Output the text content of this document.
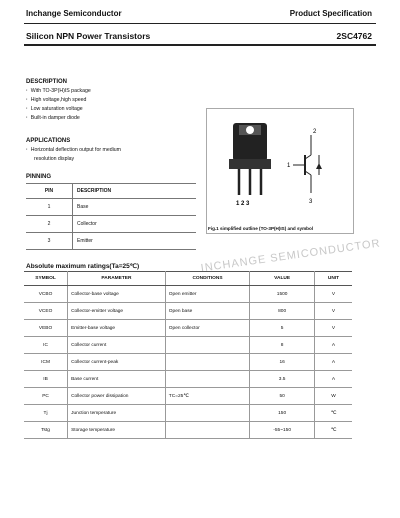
Inchange Semiconductor	Product Specification
Silicon NPN Power Transistors	2SC4762
DESCRIPTION
· With TO-3P(H)IS package
· High voltage,high speed
· Low saturation voltage
· Built-in damper diode
APPLICATIONS
· Horizontal deflection output for medium
resolution display
PINNING
PIN	DESCRIPTION
1	Base
2	Collector
3	Emitter
1 2 3
1
2
3
Fig.1 simplified outline (TO-3P(H)IS) and symbol
INCHANGE SEMICONDUCTOR
Absolute maximum ratings(Ta=25℃)
SYMBOL	PARAMETER	CONDITIONS	VALUE	UNIT
VCBO	Collector-base voltage	Open emitter	1500	V
VCEO	Collector-emitter voltage	Open base	800	V
VEBO	Emitter-base voltage	Open collector	5	V
IC	Collector current		8	A
ICM	Collector current-peak		16	A
IB	Base current		3.5	A
PC	Collector power dissipation	TC=25℃	50	W
Tj	Junction temperature		150	℃
Tstg	Storage temperature		-55~150	℃
